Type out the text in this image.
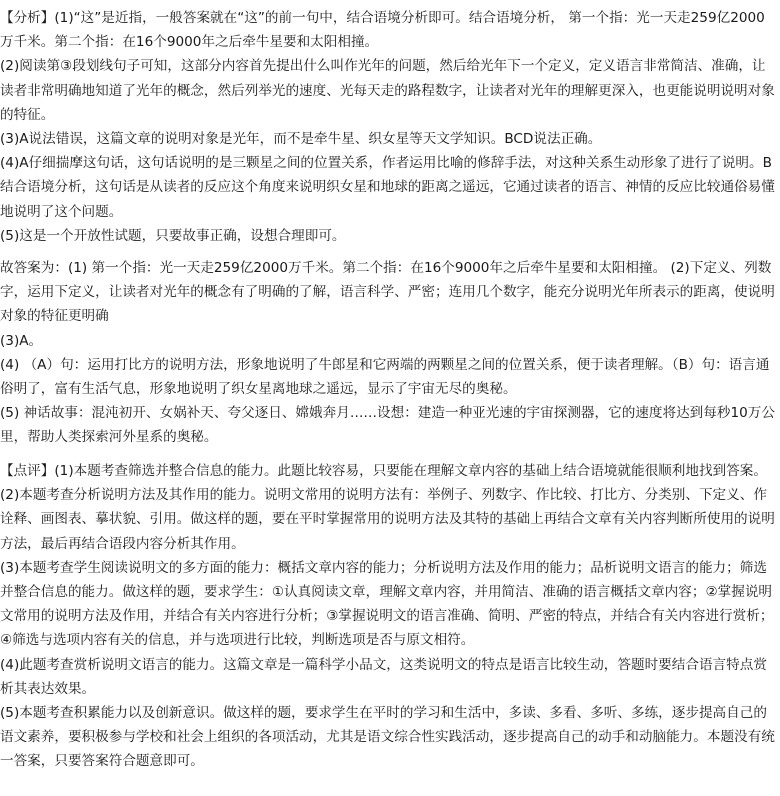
【分析】(1)“这”是近指，一般答案就在“这”的前一句中，结合语境分析即可。结合语境分析， 第一个指：光一天走259亿2000万千米。第二个指：在16个9000年之后牵牛星要和太阳相撞。

(2)阅读第③段划线句子可知，这部分内容首先提出什么叫作光年的问题，然后给光年下一个定义，定义语言非常简洁、准确，让读者非常明确地知道了光年的概念，然后列举光的速度、光每天走的路程数字，让读者对光年的理解更深入，也更能说明说明对象的特征。

(3)A说法错误，这篇文章的说明对象是光年，而不是牵牛星、织女星等天文学知识。BCD说法正确。

(4)A仔细揣摩这句话，这句话说明的是三颗星之间的位置关系，作者运用比喻的修辞手法，对这种关系生动形象了进行了说明。B结合语境分析，这句话是从读者的反应这个角度来说明织女星和地球的距离之遥远，它通过读者的语言、神情的反应比较通俗易懂地说明了这个问题。

(5)这是一个开放性试题，只要故事正确，设想合理即可。

故答案为：(1) 第一个指：光一天走259亿2000万千米。第二个指：在16个9000年之后牵牛星要和太阳相撞。 (2)下定义、列数字，运用下定义，让读者对光年的概念有了明确的了解，语言科学、严密；连用几个数字，能充分说明光年所表示的距离，使说明对象的特征更明确

(3)A。

(4) （A）句：运用打比方的说明方法，形象地说明了牛郎星和它两端的两颗星之间的位置关系，便于读者理解。（B）句：语言通俗明了，富有生活气息，形象地说明了织女星离地球之遥远，显示了宇宙无尽的奥秘。

(5) 神话故事：混沌初开、女娲补天、夸父逐日、嫦娥奔月……设想：建造一种亚光速的宇宙探测器，它的速度将达到每秒10万公里，帮助人类探索河外星系的奥秘。

【点评】(1)本题考查筛选并整合信息的能力。此题比较容易，只要能在理解文章内容的基础上结合语境就能很顺利地找到答案。

(2)本题考查分析说明方法及其作用的能力。说明文常用的说明方法有：举例子、列数字、作比较、打比方、分类别、下定义、作诠释、画图表、摹状貌、引用。做这样的题，要在平时掌握常用的说明方法及其特的基础上再结合文章有关内容判断所使用的说明方法，最后再结合语段内容分析其作用。

(3)本题考查学生阅读说明文的多方面的能力：概括文章内容的能力；分析说明方法及作用的能力；品析说明文语言的能力；筛选并整合信息的能力。做这样的题，要求学生：①认真阅读文章，理解文章内容，并用简洁、准确的语言概括文章内容；②掌握说明文常用的说明方法及作用，并结合有关内容进行分析；③掌握说明文的语言准确、简明、严密的特点，并结合有关内容进行赏析；④筛选与选项内容有关的信息，并与选项进行比较，判断选项是否与原文相符。

(4)此题考查赏析说明文语言的能力。这篇文章是一篇科学小品文，这类说明文的特点是语言比较生动，答题时要结合语言特点赏析其表达效果。

(5)本题考查积累能力以及创新意识。做这样的题，要求学生在平时的学习和生活中，多读、多看、多听、多练，逐步提高自己的语文素养，要积极参与学校和社会上组织的各项活动，尤其是语文综合性实践活动，逐步提高自己的动手和动脑能力。本题没有统一答案，只要答案符合题意即可。
